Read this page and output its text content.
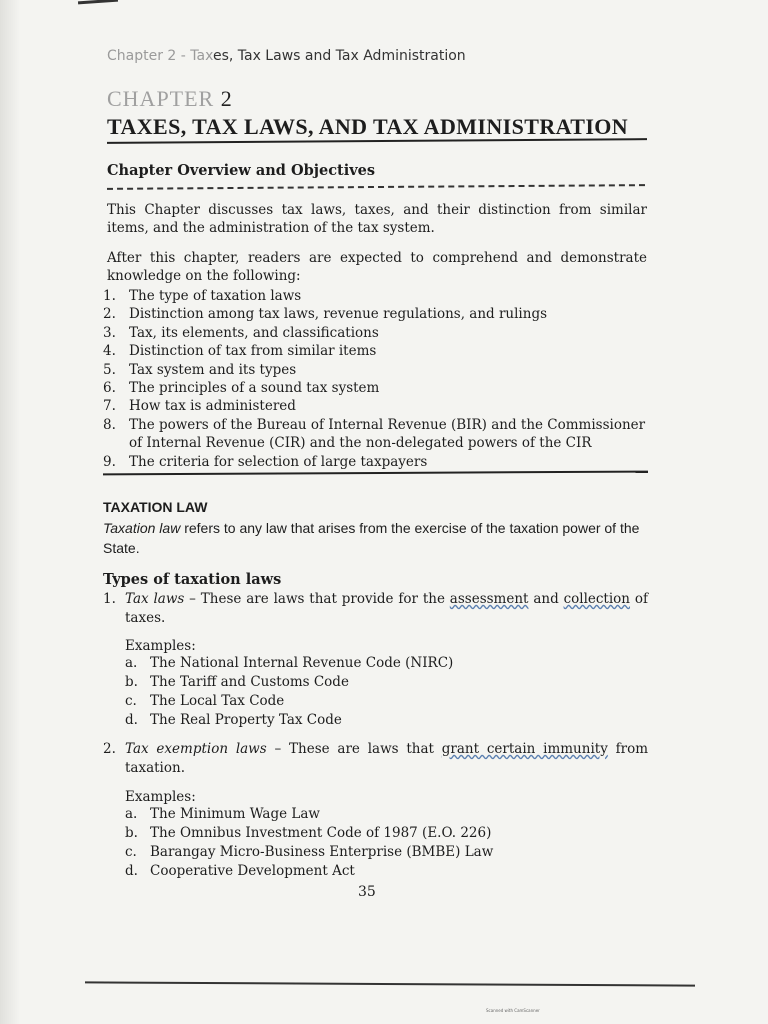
Chapter 2 - Taxes, Tax Laws and Tax Administration
CHAPTER 2
TAXES, TAX LAWS, AND TAX ADMINISTRATION
Chapter Overview and Objectives
This Chapter discusses tax laws, taxes, and their distinction from similar items, and the administration of the tax system.
After this chapter, readers are expected to comprehend and demonstrate knowledge on the following:
1. The type of taxation laws
2. Distinction among tax laws, revenue regulations, and rulings
3. Tax, its elements, and classifications
4. Distinction of tax from similar items
5. Tax system and its types
6. The principles of a sound tax system
7. How tax is administered
8. The powers of the Bureau of Internal Revenue (BIR) and the Commissioner of Internal Revenue (CIR) and the non-delegated powers of the CIR
9. The criteria for selection of large taxpayers
TAXATION LAW
Taxation law refers to any law that arises from the exercise of the taxation power of the State.
Types of taxation laws
1. Tax laws – These are laws that provide for the assessment and collection of taxes.
Examples:
a. The National Internal Revenue Code (NIRC)
b. The Tariff and Customs Code
c. The Local Tax Code
d. The Real Property Tax Code
2. Tax exemption laws – These are laws that grant certain immunity from taxation.
Examples:
a. The Minimum Wage Law
b. The Omnibus Investment Code of 1987 (E.O. 226)
c. Barangay Micro-Business Enterprise (BMBE) Law
d. Cooperative Development Act
35
Scanned with CamScanner
